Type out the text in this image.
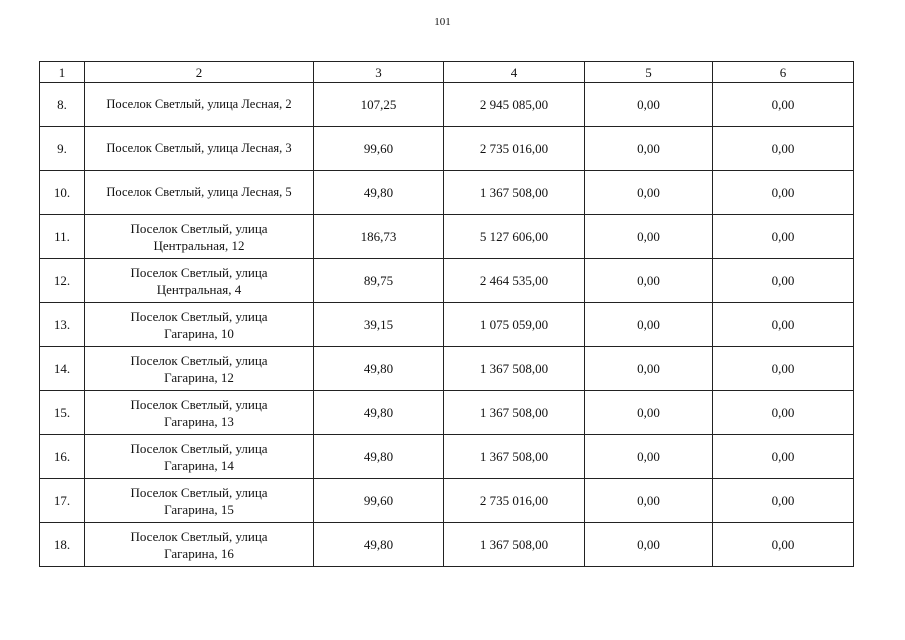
101
1	2	3	4	5	6
8.	Поселок Светлый, улица Лесная, 2	107,25	2 945 085,00	0,00	0,00
9.	Поселок Светлый, улица Лесная, 3	99,60	2 735 016,00	0,00	0,00
10.	Поселок Светлый, улица Лесная, 5	49,80	1 367 508,00	0,00	0,00
11.	Поселок Светлый, улица
Центральная, 12	186,73	5 127 606,00	0,00	0,00
12.	Поселок Светлый, улица
Центральная, 4	89,75	2 464 535,00	0,00	0,00
13.	Поселок Светлый, улица
Гагарина, 10	39,15	1 075 059,00	0,00	0,00
14.	Поселок Светлый, улица
Гагарина, 12	49,80	1 367 508,00	0,00	0,00
15.	Поселок Светлый, улица
Гагарина, 13	49,80	1 367 508,00	0,00	0,00
16.	Поселок Светлый, улица
Гагарина, 14	49,80	1 367 508,00	0,00	0,00
17.	Поселок Светлый, улица
Гагарина, 15	99,60	2 735 016,00	0,00	0,00
18.	Поселок Светлый, улица
Гагарина, 16	49,80	1 367 508,00	0,00	0,00
